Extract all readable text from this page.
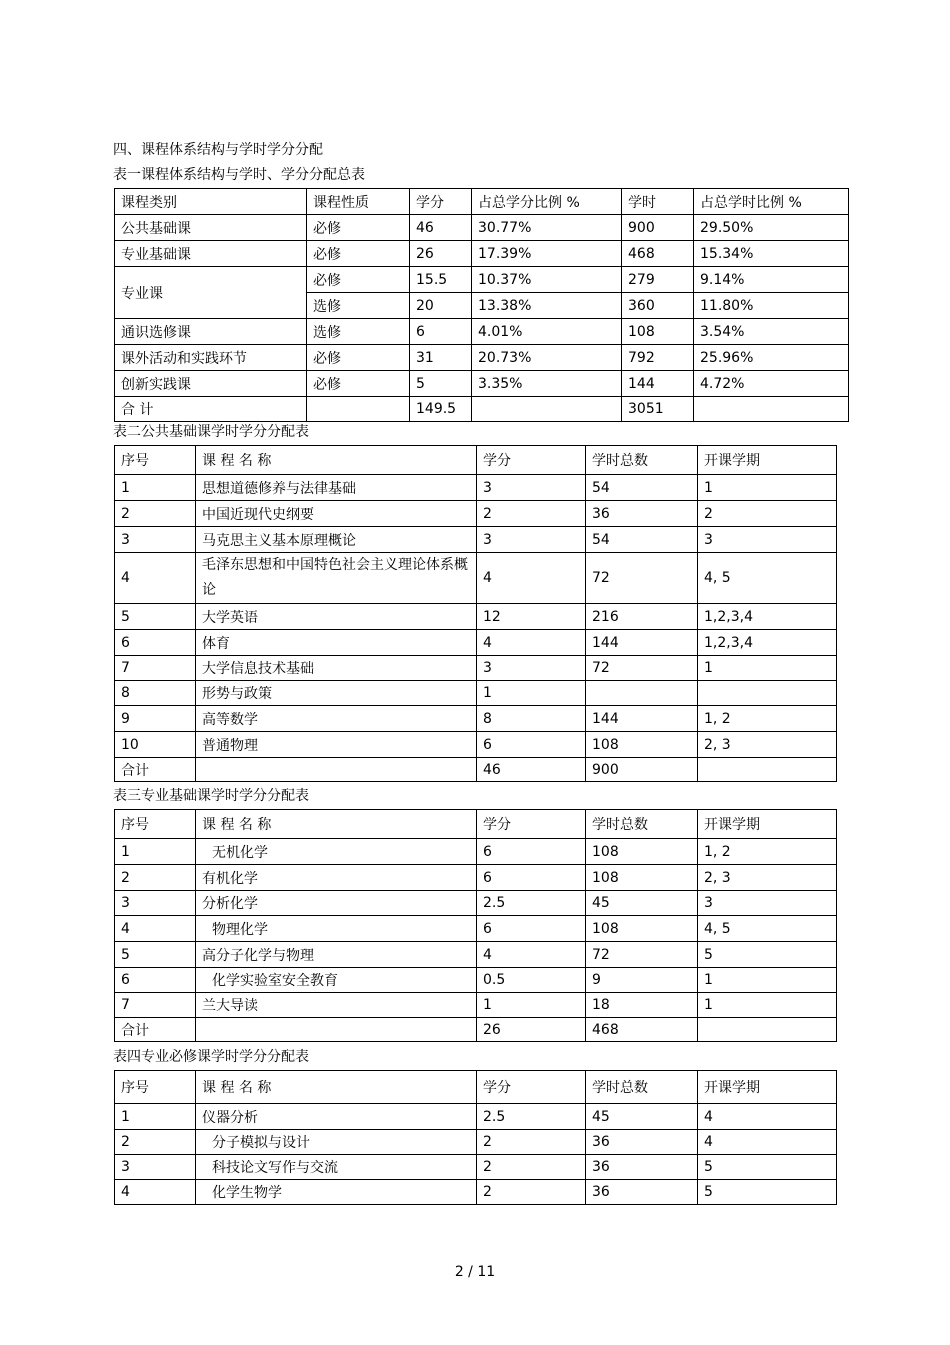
四、课程体系结构与学时学分分配
表一课程体系结构与学时、学分分配总表
课程类别	课程性质	学分	占总学分比例 %	学时	占总学时比例 %
公共基础课	必修	46	30.77%	900	29.50%
专业基础课	必修	26	17.39%	468	15.34%
专业课	必修	15.5	10.37%	279	9.14%
	选修	20	13.38%	360	11.80%
通识选修课	选修	6	4.01%	108	3.54%
课外活动和实践环节	必修	31	20.73%	792	25.96%
创新实践课	必修	5	3.35%	144	4.72%
合 计		149.5		3051	
表二公共基础课学时学分分配表
序号	课 程 名 称	学分	学时总数	开课学期
1	思想道德修养与法律基础	3	54	1
2	中国近现代史纲要	2	36	2
3	马克思主义基本原理概论	3	54	3
4	毛泽东思想和中国特色社会主义理论体系概论	4	72	4, 5
5	大学英语	12	216	1,2,3,4
6	体育	4	144	1,2,3,4
7	大学信息技术基础	3	72	1
8	形势与政策	1		
9	高等数学	8	144	1, 2
10	普通物理	6	108	2, 3
合计		46	900	
表三专业基础课学时学分分配表
序号	课 程 名 称	学分	学时总数	开课学期
1	无机化学	6	108	1, 2
2	有机化学	6	108	2, 3
3	分析化学	2.5	45	3
4	物理化学	6	108	4, 5
5	高分子化学与物理	4	72	5
6	化学实验室安全教育	0.5	9	1
7	兰大导读	1	18	1
合计		26	468	
表四专业必修课学时学分分配表
序号	课 程 名 称	学分	学时总数	开课学期
1	仪器分析	2.5	45	4
2	分子模拟与设计	2	36	4
3	科技论文写作与交流	2	36	5
4	化学生物学	2	36	5
2 / 11
